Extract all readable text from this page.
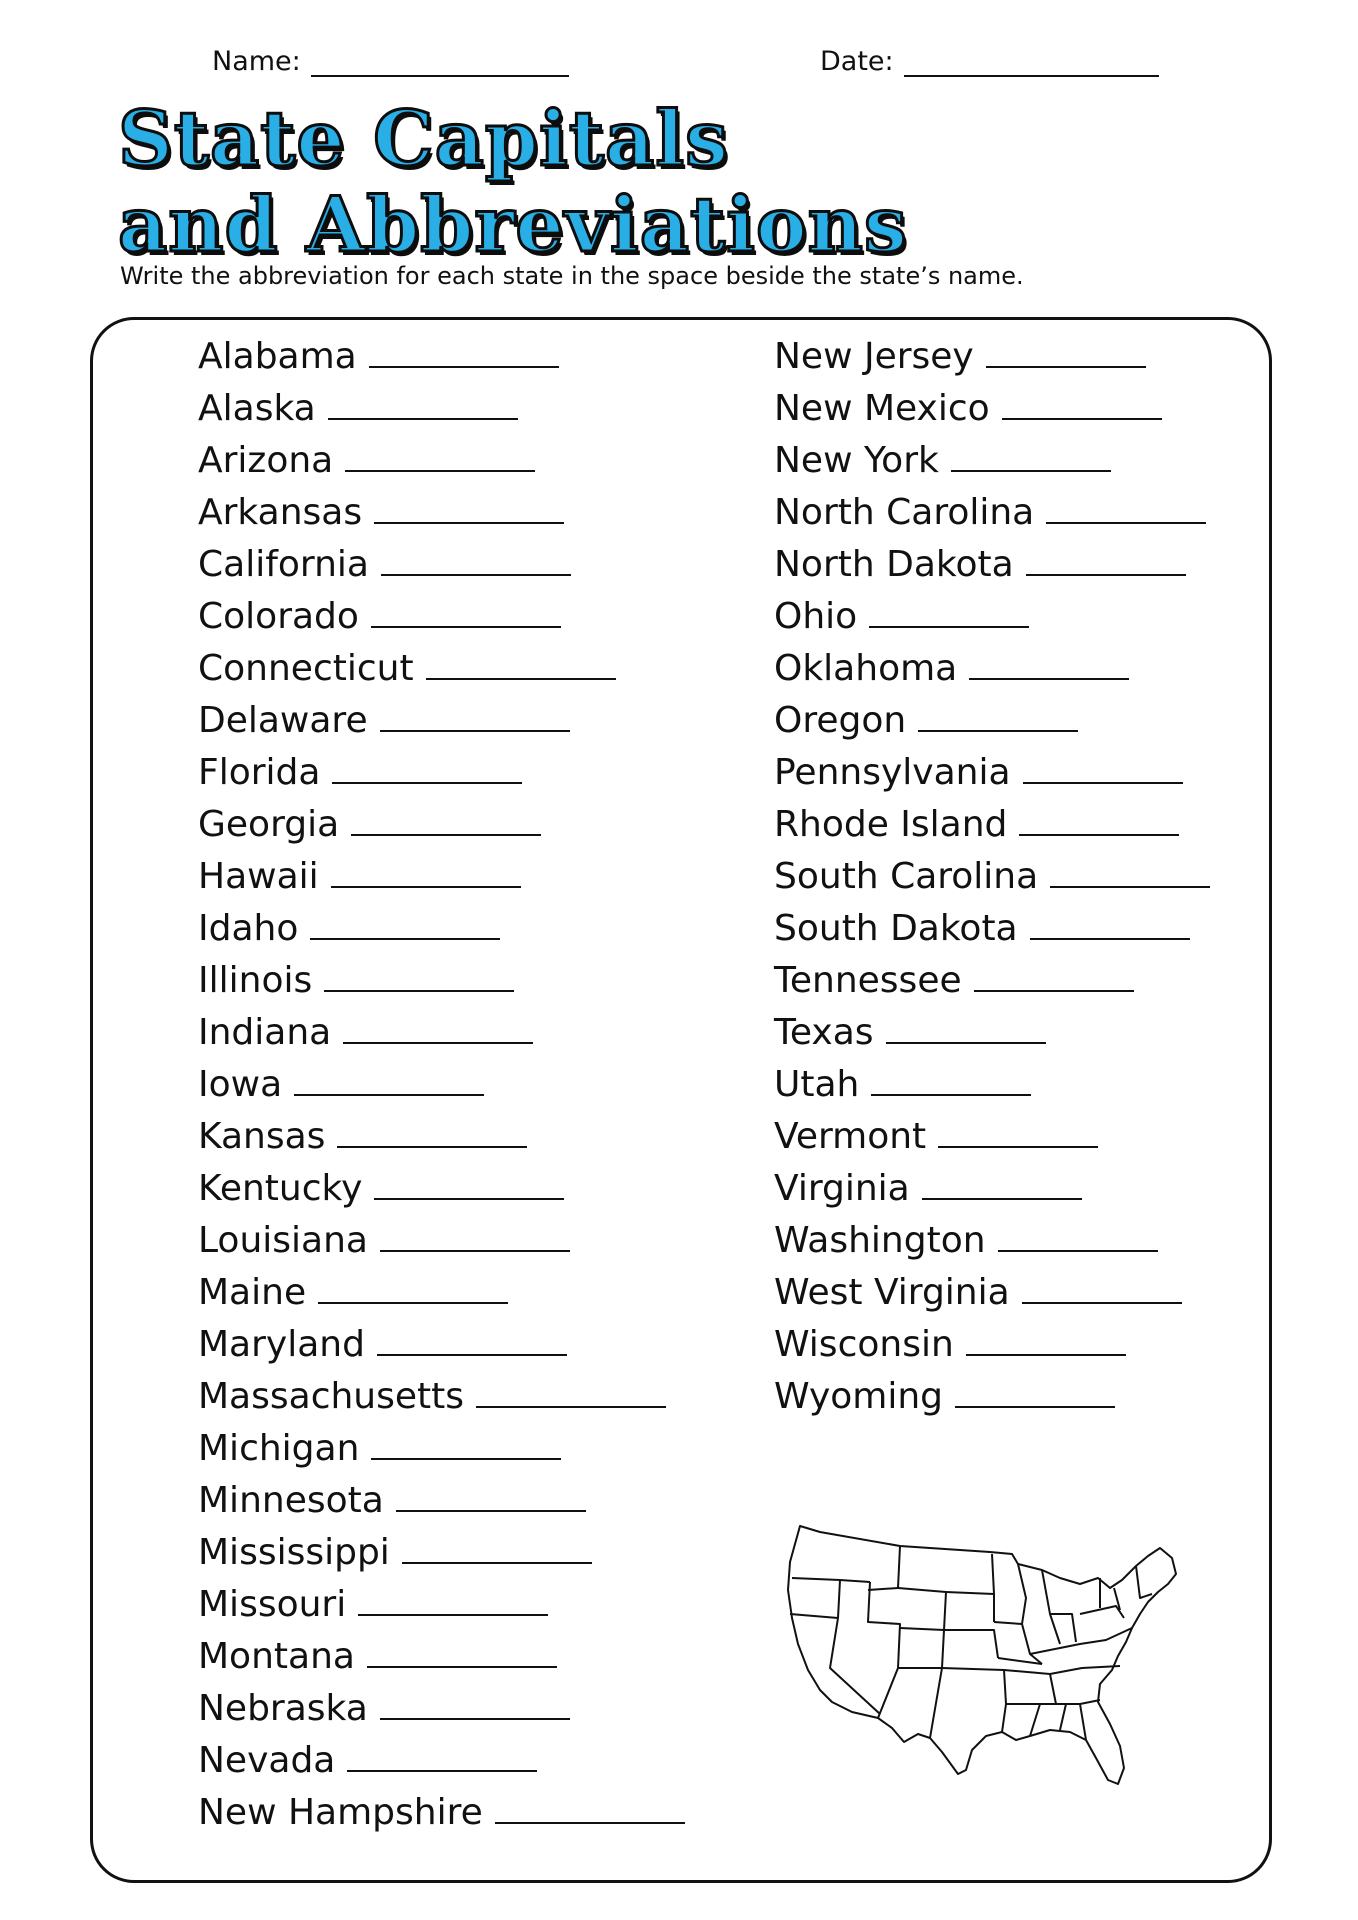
Name:	Date:
State Capitals
and Abbreviations
Write the abbreviation for each state in the space beside the state’s name.
Alabama
Alaska
Arizona
Arkansas
California
Colorado
Connecticut
Delaware
Florida
Georgia
Hawaii
Idaho
Illinois
Indiana
Iowa
Kansas
Kentucky
Louisiana
Maine
Maryland
Massachusetts
Michigan
Minnesota
Mississippi
Missouri
Montana
Nebraska
Nevada
New Hampshire
New Jersey
New Mexico
New York
North Carolina
North Dakota
Ohio
Oklahoma
Oregon
Pennsylvania
Rhode Island
South Carolina
South Dakota
Tennessee
Texas
Utah
Vermont
Virginia
Washington
West Virginia
Wisconsin
Wyoming
